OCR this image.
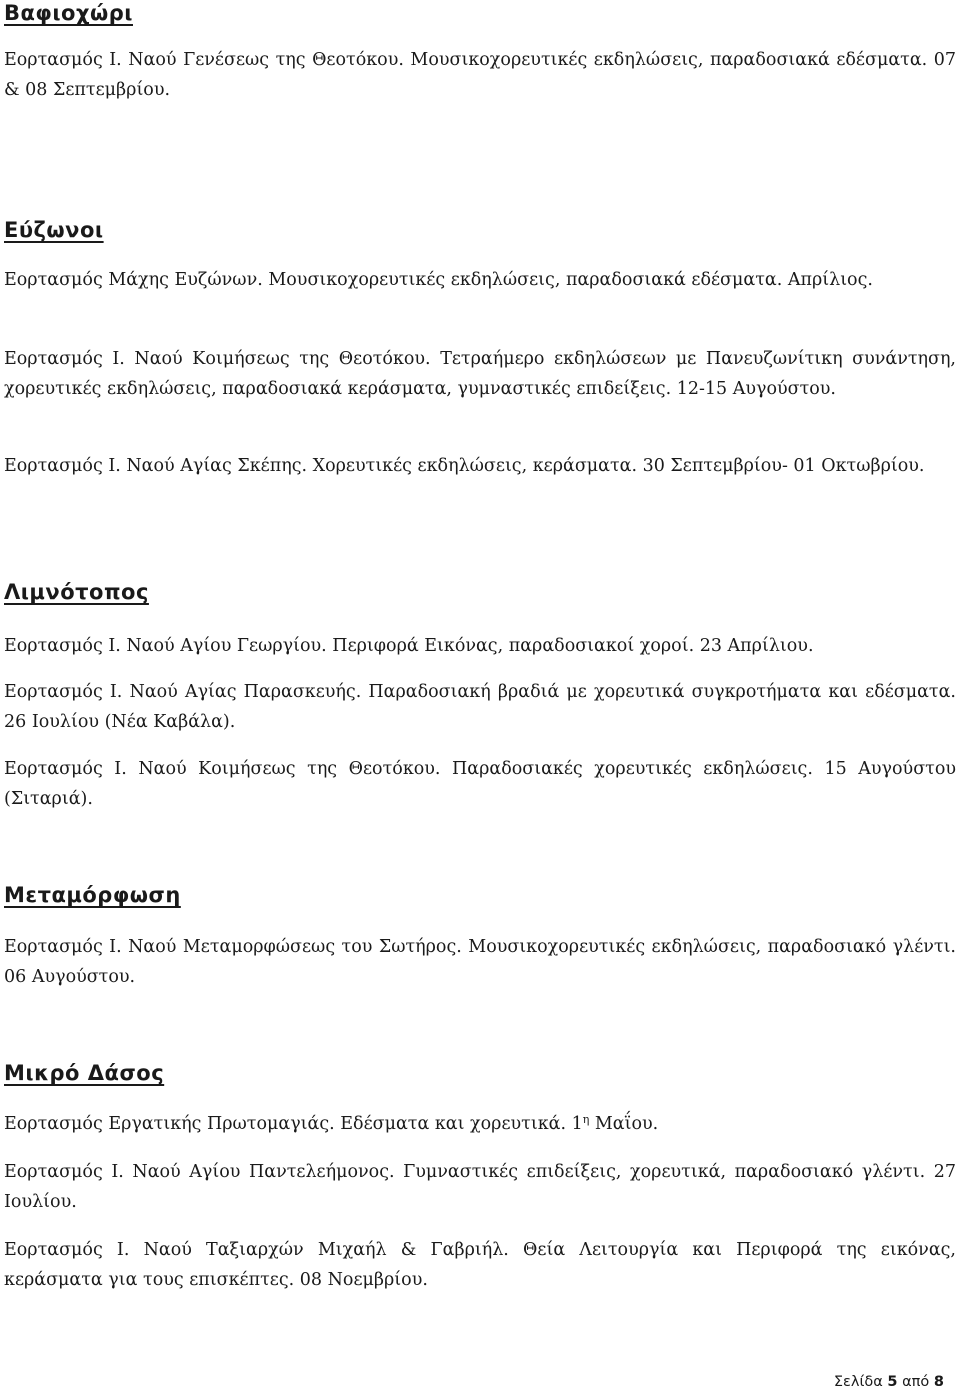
Βαφιοχώρι
Εορτασμός Ι. Ναού Γενέσεως της Θεοτόκου. Μουσικοχορευτικές εκδηλώσεις, παραδοσιακά εδέσματα. 07 & 08 Σεπτεμβρίου.
Εύζωνοι
Εορτασμός Μάχης Ευζώνων. Μουσικοχορευτικές εκδηλώσεις, παραδοσιακά εδέσματα. Απρίλιος.
Εορτασμός Ι. Ναού Κοιμήσεως της Θεοτόκου. Τετραήμερο εκδηλώσεων με Πανευζωνίτικη συνάντηση, χορευτικές εκδηλώσεις, παραδοσιακά κεράσματα, γυμναστικές επιδείξεις. 12-15 Αυγούστου.
Εορτασμός Ι. Ναού Αγίας Σκέπης. Χορευτικές εκδηλώσεις, κεράσματα. 30 Σεπτεμβρίου- 01 Οκτωβρίου.
Λιμνότοπος
Εορτασμός Ι. Ναού Αγίου Γεωργίου. Περιφορά Εικόνας, παραδοσιακοί χοροί. 23 Απρίλιου.
Εορτασμός Ι. Ναού Αγίας Παρασκευής. Παραδοσιακή βραδιά με χορευτικά συγκροτήματα και εδέσματα. 26 Ιουλίου (Νέα Καβάλα).
Εορτασμός Ι. Ναού Κοιμήσεως της Θεοτόκου. Παραδοσιακές χορευτικές εκδηλώσεις. 15 Αυγούστου (Σιταριά).
Μεταμόρφωση
Εορτασμός Ι. Ναού Μεταμορφώσεως του Σωτήρος. Μουσικοχορευτικές εκδηλώσεις, παραδοσιακό γλέντι. 06 Αυγούστου.
Μικρό Δάσος
Εορτασμός Εργατικής Πρωτομαγιάς. Εδέσματα και χορευτικά. $1^\eta$ Μαΐου.
Εορτασμός Ι. Ναού Αγίου Παντελεήμονος. Γυμναστικές επιδείξεις, χορευτικά, παραδοσιακό γλέντι. 27 Ιουλίου.
Εορτασμός Ι. Ναού Ταξιαρχών Μιχαήλ & Γαβριήλ. Θεία Λειτουργία και Περιφορά της εικόνας, κεράσματα για τους επισκέπτες. 08 Νοεμβρίου.
Σελίδα 5 από 8
